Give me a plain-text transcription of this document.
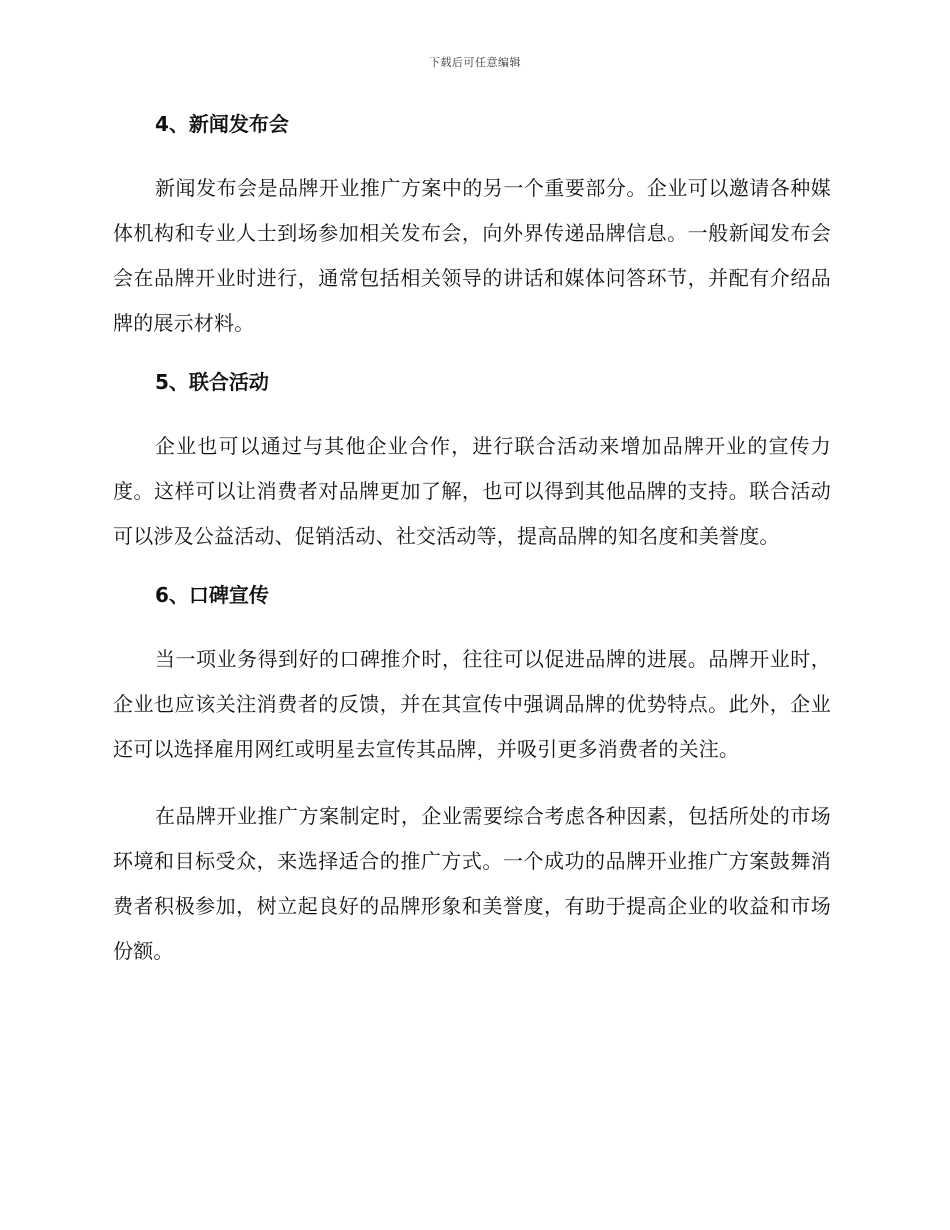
下载后可任意编辑
4、新闻发布会

新闻发布会是品牌开业推广方案中的另一个重要部分。企业可以邀请各种媒体机构和专业人士到场参加相关发布会，向外界传递品牌信息。一般新闻发布会会在品牌开业时进行，通常包括相关领导的讲话和媒体问答环节，并配有介绍品牌的展示材料。

5、联合活动

企业也可以通过与其他企业合作，进行联合活动来增加品牌开业的宣传力度。这样可以让消费者对品牌更加了解，也可以得到其他品牌的支持。联合活动可以涉及公益活动、促销活动、社交活动等，提高品牌的知名度和美誉度。

6、口碑宣传

当一项业务得到好的口碑推介时，往往可以促进品牌的进展。品牌开业时，企业也应该关注消费者的反馈，并在其宣传中强调品牌的优势特点。此外，企业还可以选择雇用网红或明星去宣传其品牌，并吸引更多消费者的关注。

在品牌开业推广方案制定时，企业需要综合考虑各种因素，包括所处的市场环境和目标受众，来选择适合的推广方式。一个成功的品牌开业推广方案鼓舞消费者积极参加，树立起良好的品牌形象和美誉度，有助于提高企业的收益和市场份额。
